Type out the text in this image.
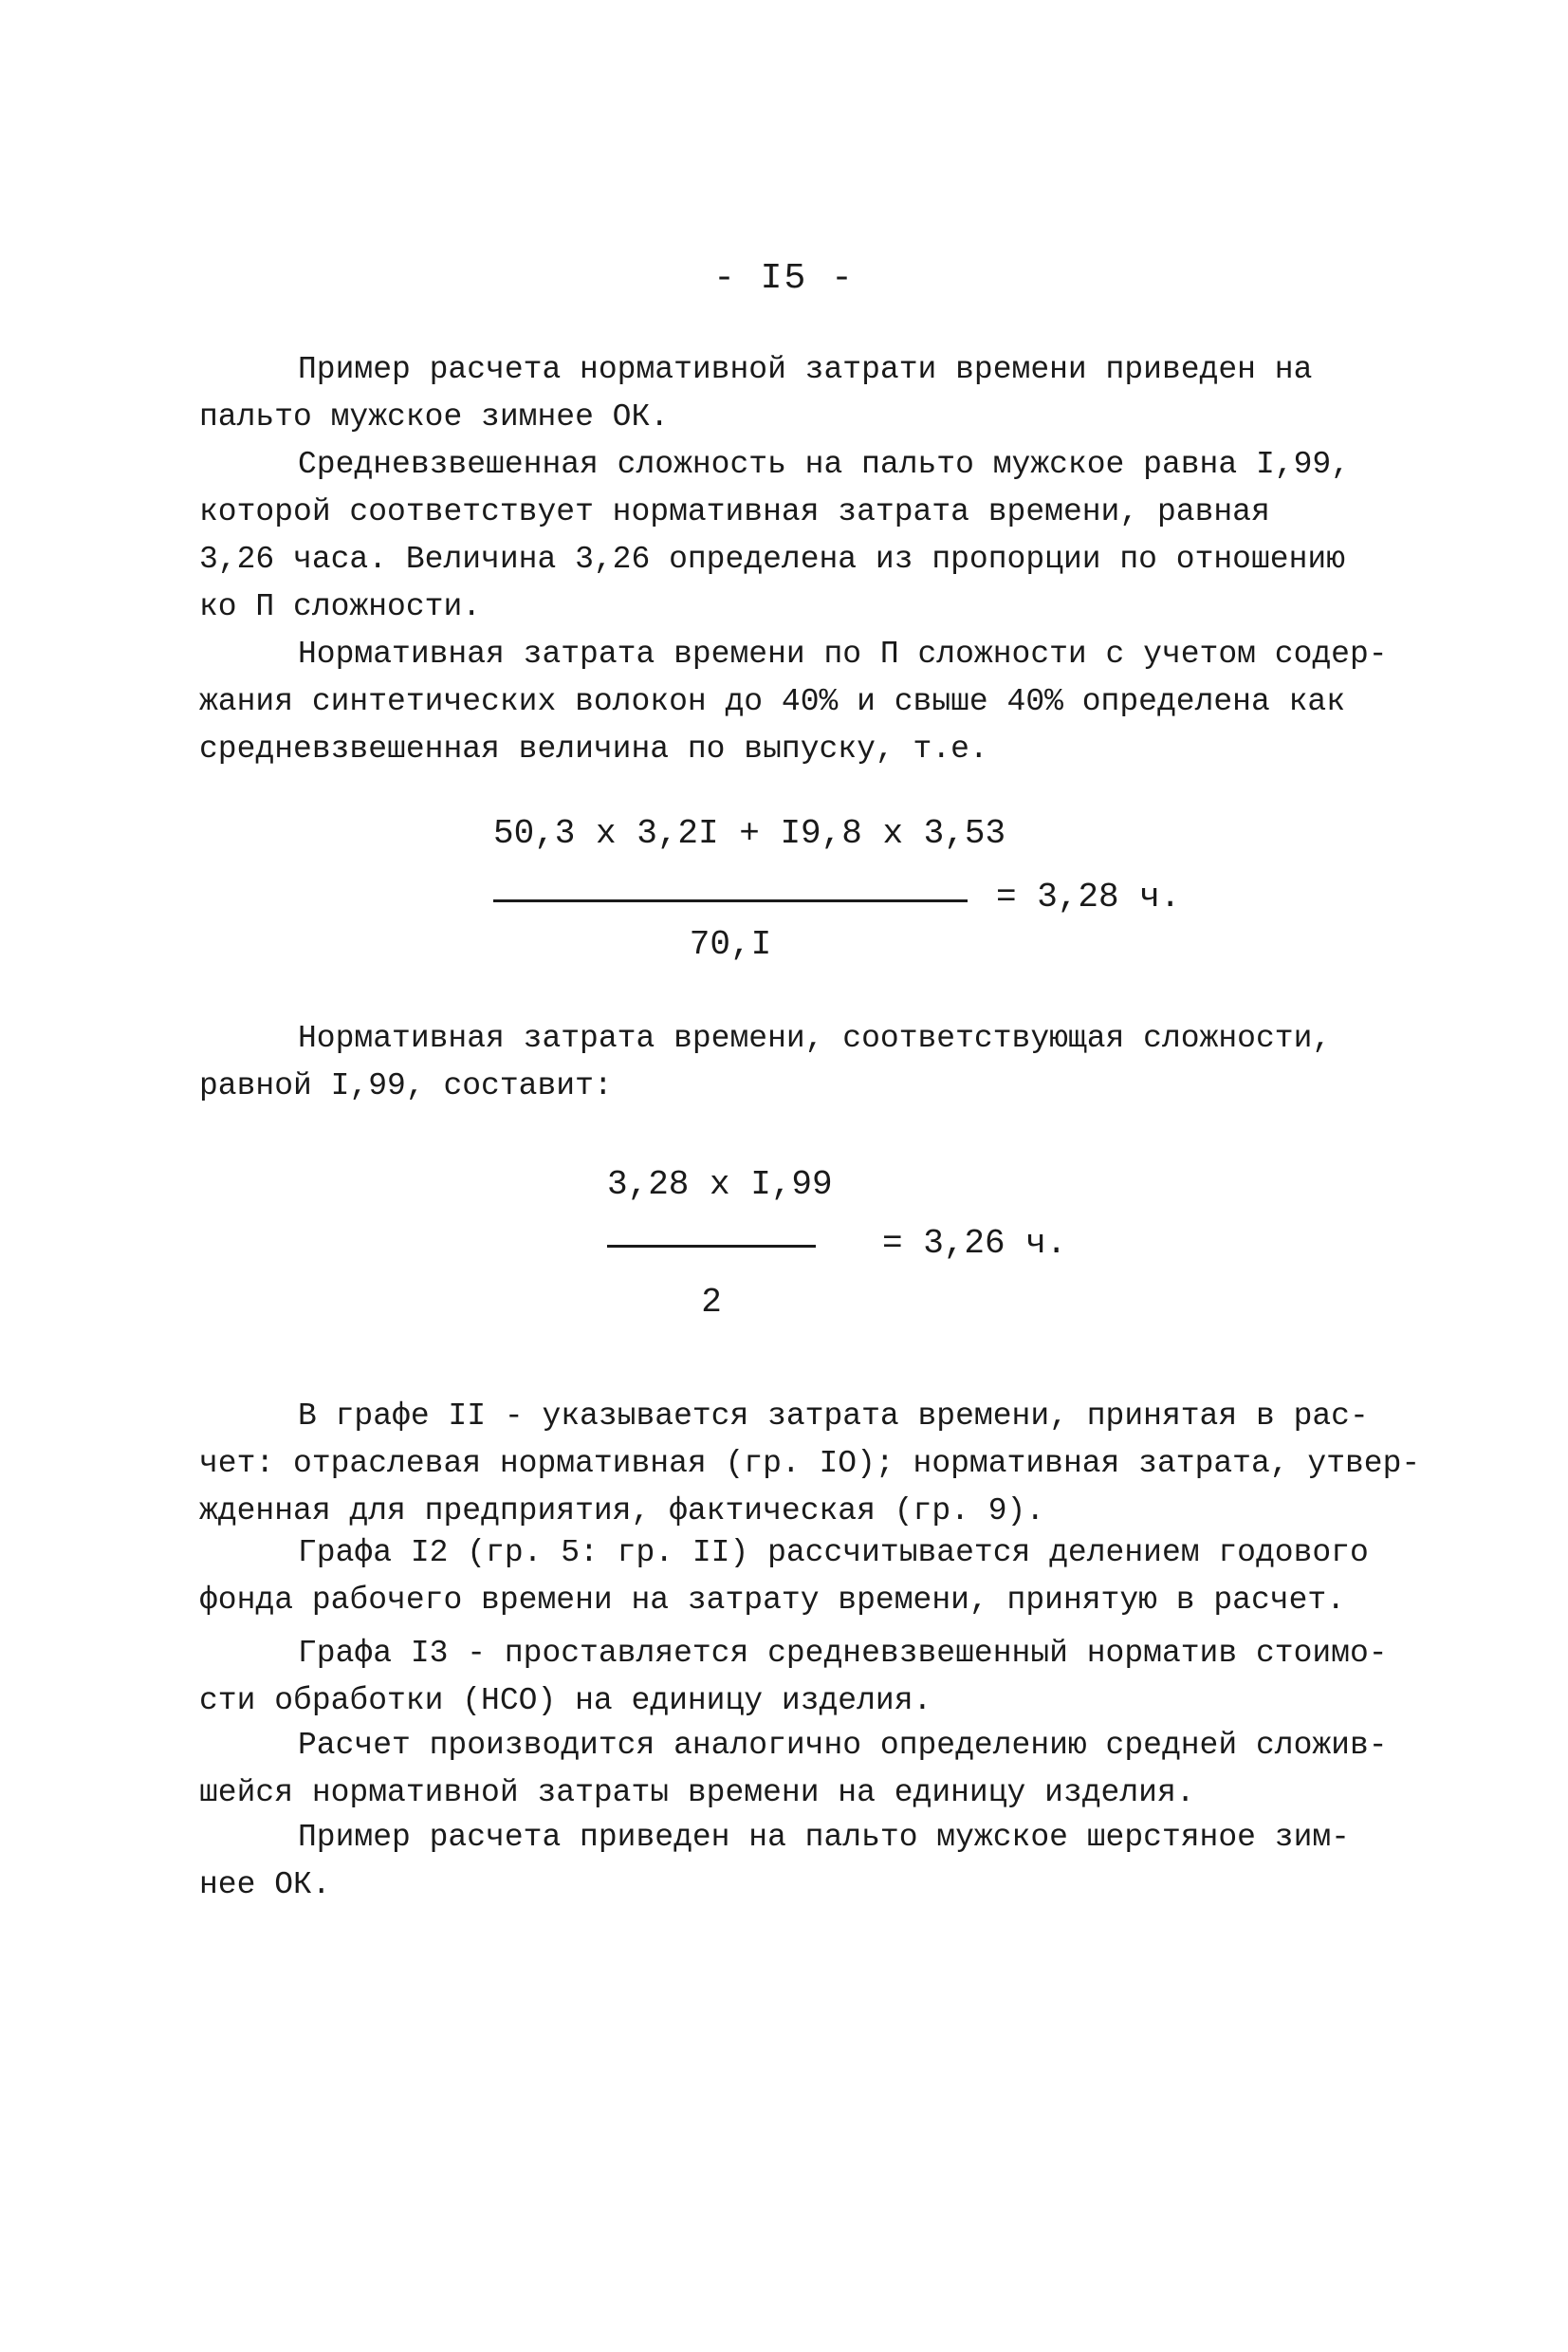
- I5 -

Пример расчета нормативной затрати времени приведен на
пальто мужское зимнее ОК.

Средневзвешенная сложность на пальто мужское равна I,99,
которой соответствует нормативная затрата времени, равная
3,26 часа. Величина 3,26 определена из пропорции по отношению
ко П сложности.

Нормативная затрата времени по П сложности с учетом содер-
жания синтетических волокон до 40% и свыше 40% определена как
средневзвешенная величина по выпуску, т.е.

50,3 x 3,2I + I9,8 x 3,53
= 3,28 ч.
70,I

Нормативная затрата времени, соответствующая сложности,
равной I,99, составит:

3,28 x I,99
= 3,26 ч.
2

В графе II - указывается затрата времени, принятая в рас-
чет: отраслевая нормативная (гр. IO); нормативная затрата, утвер-
жденная для предприятия, фактическая (гр. 9).

Графа I2 (гр. 5: гр. II) рассчитывается делением годового
фонда рабочего времени на затрату времени, принятую в расчет.

Графа I3 - проставляется средневзвешенный норматив стоимо-
сти обработки (НСО) на единицу изделия.

Расчет производится аналогично определению средней сложив-
шейся нормативной затраты времени на единицу изделия.

Пример расчета приведен на пальто мужское шерстяное зим-
нее ОК.
